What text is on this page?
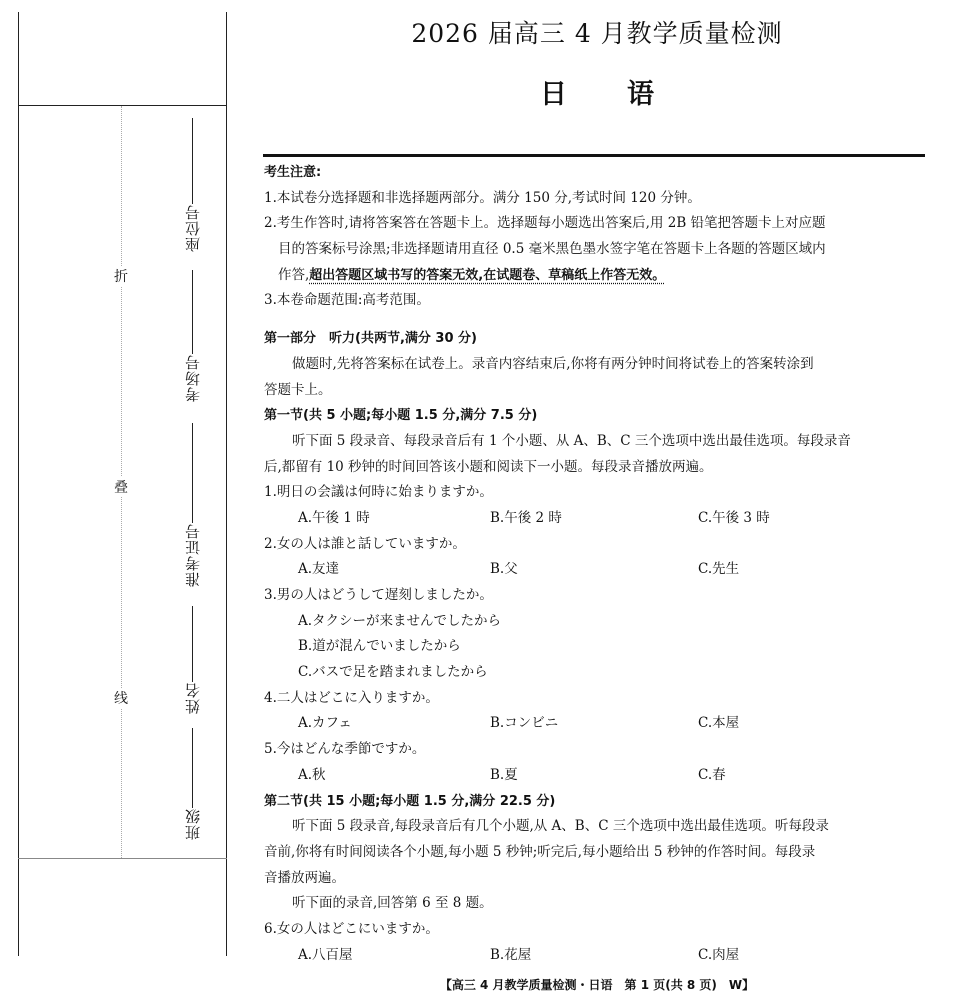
折
叠
线
座位号
考场号
准考证号
姓名
班级
2026 届高三 4 月教学质量检测
日 语
考生注意:
1.本试卷分选择题和非选择题两部分。满分 150 分,考试时间 120 分钟。
2.考生作答时,请将答案答在答题卡上。选择题每小题选出答案后,用 2B 铅笔把答题卡上对应题
目的答案标号涂黑;非选择题请用直径 0.5 毫米黑色墨水签字笔在答题卡上各题的答题区域内
作答,超出答题区域书写的答案无效,在试题卷、草稿纸上作答无效。
3.本卷命题范围:高考范围。
第一部分　听力(共两节,满分 30 分)
做题时,先将答案标在试卷上。录音内容结束后,你将有两分钟时间将试卷上的答案转涂到
答题卡上。
第一节(共 5 小题;每小题 1.5 分,满分 7.5 分)
听下面 5 段录音、每段录音后有 1 个小题、从 A、B、C 三个选项中选出最佳选项。每段录音
后,都留有 10 秒钟的时间回答该小题和阅读下一小题。每段录音播放两遍。
1.明日の会議は何時に始まりますか。
A.午後 1 時	B.午後 2 時	C.午後 3 時
2.女の人は誰と話していますか。
A.友達	B.父	C.先生
3.男の人はどうして遅刻しましたか。
A.タクシーが来ませんでしたから
B.道が混んでいましたから
C.バスで足を踏まれましたから
4.二人はどこに入りますか。
A.カフェ	B.コンビニ	C.本屋
5.今はどんな季節ですか。
A.秋	B.夏	C.春
第二节(共 15 小题;每小题 1.5 分,满分 22.5 分)
听下面 5 段录音,每段录音后有几个小题,从 A、B、C 三个选项中选出最佳选项。听每段录
音前,你将有时间阅读各个小题,每小题 5 秒钟;听完后,每小题给出 5 秒钟的作答时间。每段录
音播放两遍。
听下面的录音,回答第 6 至 8 题。
6.女の人はどこにいますか。
A.八百屋	B.花屋	C.肉屋
【高三 4 月教学质量检测・日语　第 1 页(共 8 页)　W】
